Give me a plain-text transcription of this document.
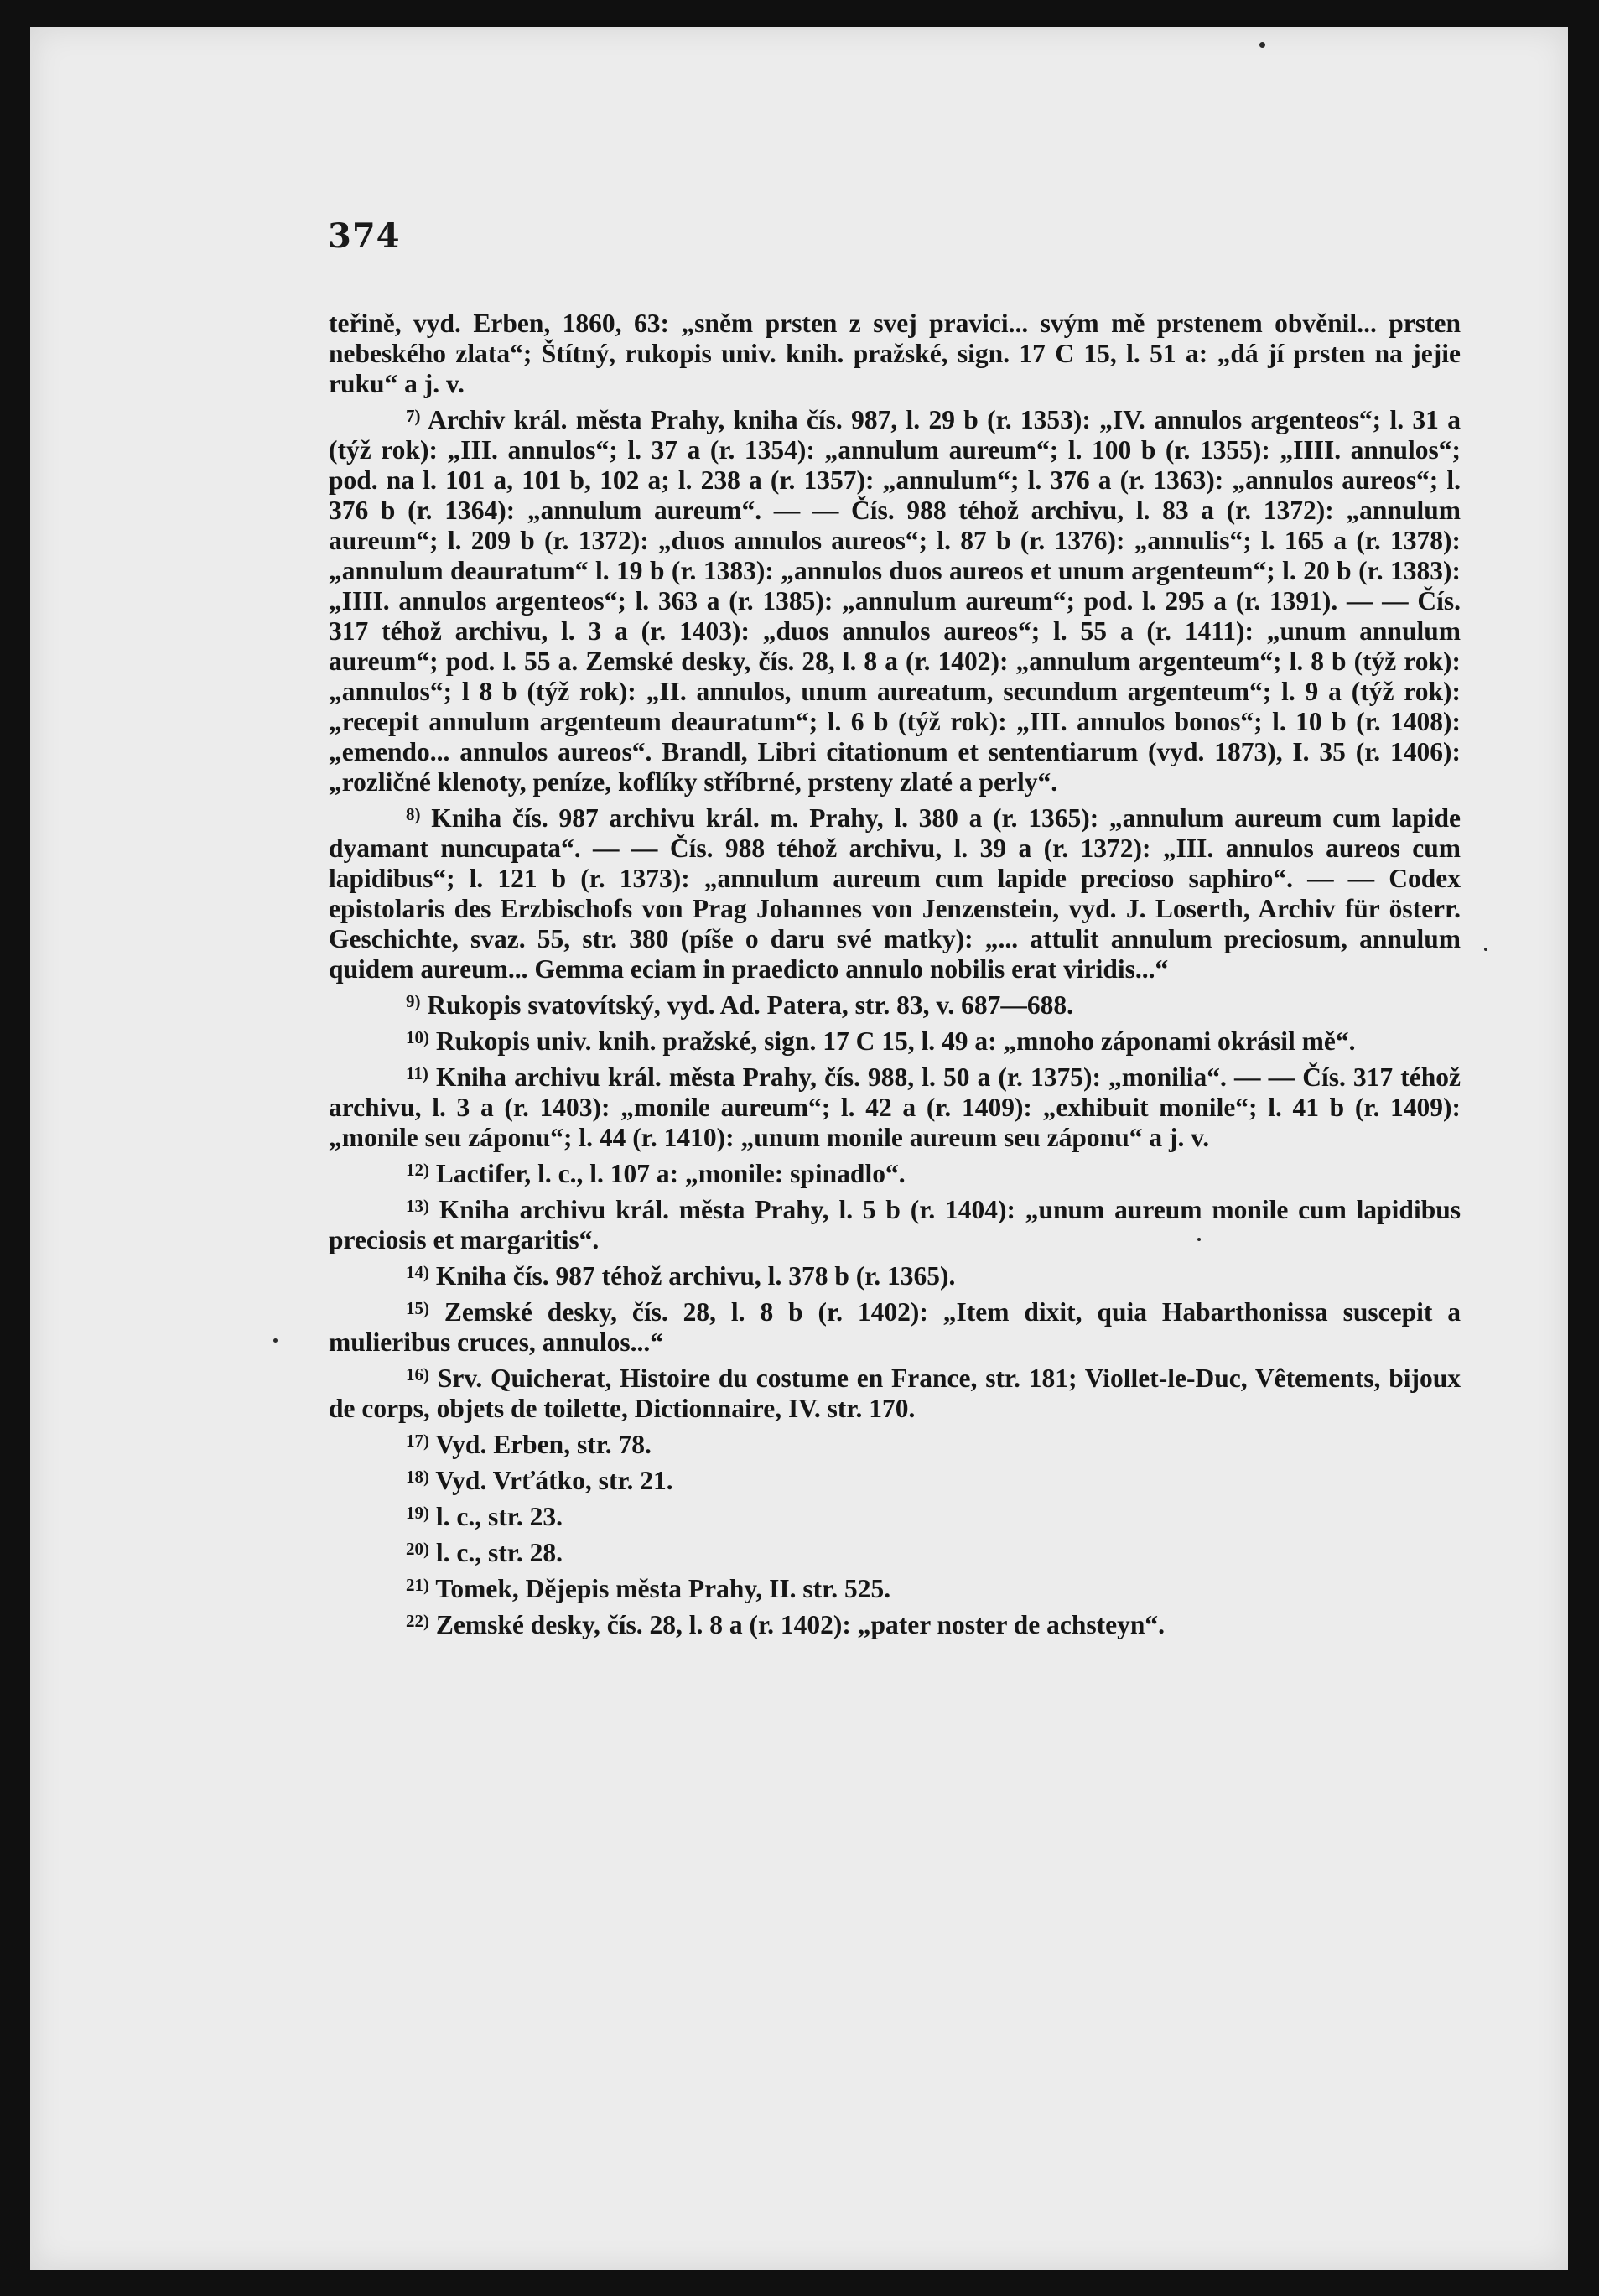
374

teřině, vyd. Erben, 1860, 63: „sněm prsten z svej pravici... svým mě prstenem obvěnil... prsten nebeského zlata“; Štítný, rukopis univ. knih. pražské, sign. 17 C 15, l. 51 a: „dá jí prsten na jejie ruku“ a j. v.

$^{7)}$ Archiv král. města Prahy, kniha čís. 987, l. 29 b (r. 1353): „IV. annulos argenteos“; l. 31 a (týž rok): „III. annulos“; l. 37 a (r. 1354): „annulum aureum“; l. 100 b (r. 1355): „IIII. annulos“; pod. na l. 101 a, 101 b, 102 a; l. 238 a (r. 1357): „annulum“; l. 376 a (r. 1363): „annulos aureos“; l. 376 b (r. 1364): „annulum aureum“. — — Čís. 988 téhož archivu, l. 83 a (r. 1372): „annulum aureum“; l. 209 b (r. 1372): „duos annulos aureos“; l. 87 b (r. 1376): „annulis“; l. 165 a (r. 1378): „annulum deauratum“ l. 19 b (r. 1383): „annulos duos aureos et unum argenteum“; l. 20 b (r. 1383): „IIII. annulos argenteos“; l. 363 a (r. 1385): „annulum aureum“; pod. l. 295 a (r. 1391). — — Čís. 317 téhož archivu, l. 3 a (r. 1403): „duos annulos aureos“; l. 55 a (r. 1411): „unum annulum aureum“; pod. l. 55 a. Zemské desky, čís. 28, l. 8 a (r. 1402): „annulum argenteum“; l. 8 b (týž rok): „annulos“; l 8 b (týž rok): „II. annulos, unum aureatum, secundum argenteum“; l. 9 a (týž rok): „recepit annulum argenteum deauratum“; l. 6 b (týž rok): „III. annulos bonos“; l. 10 b (r. 1408): „emendo... annulos aureos“. Brandl, Libri citationum et sententiarum (vyd. 1873), I. 35 (r. 1406): „rozličné klenoty, peníze, koflíky stříbrné, prsteny zlaté a perly“.

$^{8)}$ Kniha čís. 987 archivu král. m. Prahy, l. 380 a (r. 1365): „annulum aureum cum lapide dyamant nuncupata“. — — Čís. 988 téhož archivu, l. 39 a (r. 1372): „III. annulos aureos cum lapidibus“; l. 121 b (r. 1373): „annulum aureum cum lapide precioso saphiro“. — — Codex epistolaris des Erzbischofs von Prag Johannes von Jenzenstein, vyd. J. Loserth, Archiv für österr. Geschichte, svaz. 55, str. 380 (píše o daru své matky): „... attulit annulum preciosum, annulum quidem aureum... Gemma eciam in praedicto annulo nobilis erat viridis...“

$^{9)}$ Rukopis svatovítský, vyd. Ad. Patera, str. 83, v. 687—688.

$^{10)}$ Rukopis univ. knih. pražské, sign. 17 C 15, l. 49 a: „mnoho záponami okrásil mě“.

$^{11)}$ Kniha archivu král. města Prahy, čís. 988, l. 50 a (r. 1375): „monilia“. — — Čís. 317 téhož archivu, l. 3 a (r. 1403): „monile aureum“; l. 42 a (r. 1409): „exhibuit monile“; l. 41 b (r. 1409): „monile seu záponu“; l. 44 (r. 1410): „unum monile aureum seu záponu“ a j. v.

$^{12)}$ Lactifer, l. c., l. 107 a: „monile: spinadlo“.

$^{13)}$ Kniha archivu král. města Prahy, l. 5 b (r. 1404): „unum aureum monile cum lapidibus preciosis et margaritis“.

$^{14)}$ Kniha čís. 987 téhož archivu, l. 378 b (r. 1365).

$^{15)}$ Zemské desky, čís. 28, l. 8 b (r. 1402): „Item dixit, quia Habarthonissa suscepit a mulieribus cruces, annulos...“

$^{16)}$ Srv. Quicherat, Histoire du costume en France, str. 181; Viollet-le-Duc, Vêtements, bijoux de corps, objets de toilette, Dictionnaire, IV. str. 170.

$^{17)}$ Vyd. Erben, str. 78.

$^{18)}$ Vyd. Vrťátko, str. 21.

$^{19)}$ l. c., str. 23.

$^{20)}$ l. c., str. 28.

$^{21)}$ Tomek, Dějepis města Prahy, II. str. 525.

$^{22)}$ Zemské desky, čís. 28, l. 8 a (r. 1402): „pater noster de achsteyn“.
